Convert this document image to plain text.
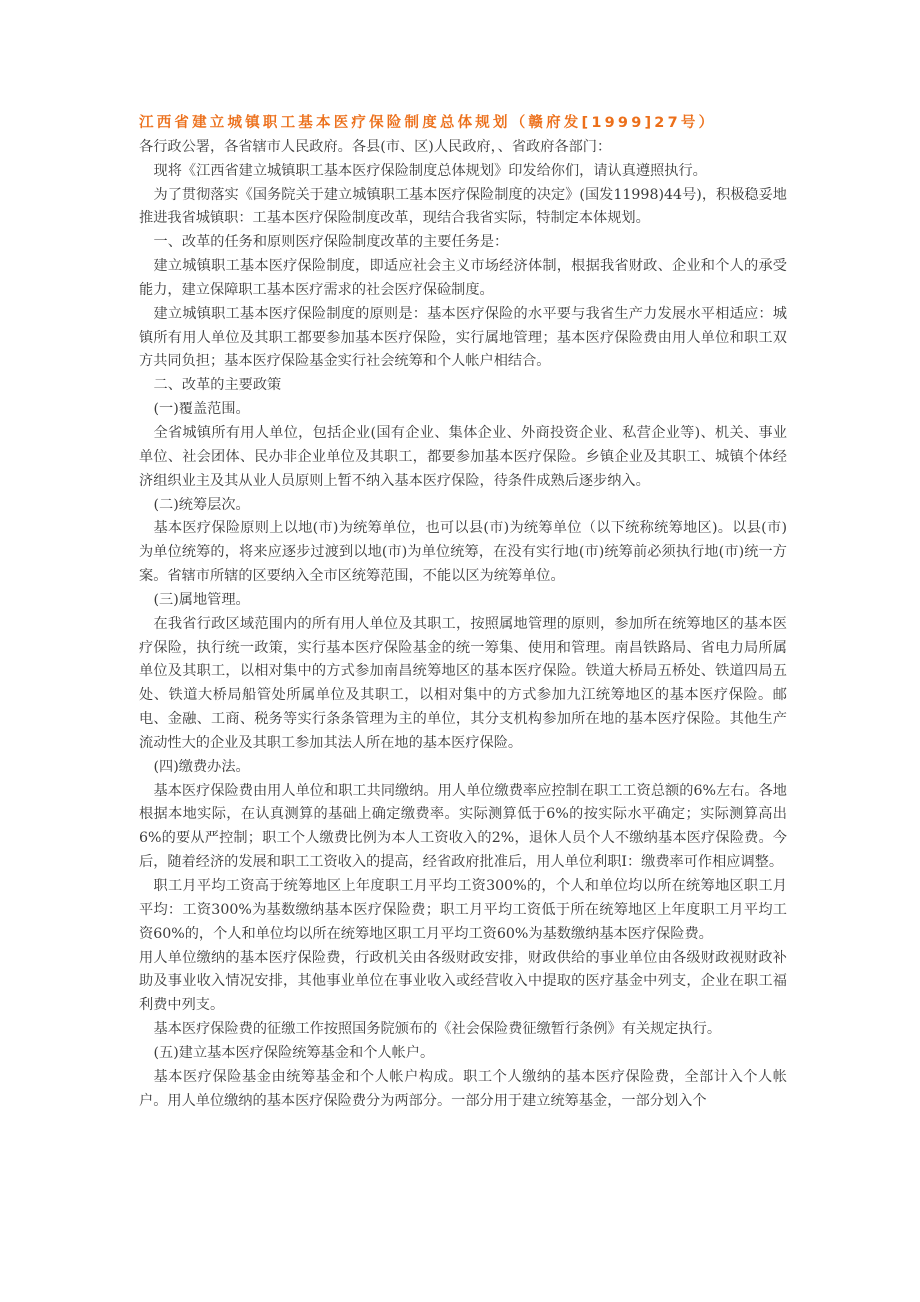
江西省建立城镇职工基本医疗保险制度总体规划（赣府发[1999]27号）

各行政公署，各省辖市人民政府。各县(市、区)人民政府，、省政府各部门：

现将《江西省建立城镇职工基本医疗保险制度总体规划》印发给你们，请认真遵照执行。

为了贯彻落实《国务院关于建立城镇职工基本医疗保险制度的决定》(国发11998)44号)，积极稳妥地推进我省城镇职：工基本医疗保险制度改革，现结合我省实际，特制定本体规划。

一、改革的任务和原则医疗保险制度改革的主要任务是：

建立城镇职工基本医疗保险制度，即适应社会主义市场经济体制，根据我省财政、企业和个人的承受能力，建立保障职工基本医疗需求的社会医疗保硷制度。

建立城镇职工基本医疗保险制度的原则是：基本医疗保险的水平要与我省生产力发展水平相适应：城镇所有用人单位及其职工都要参加基本医疗保险，实行属地管理；基本医疗保险费由用人单位和职工双方共同负担；基本医疗保险基金实行社会统筹和个人帐户相结合。

二、改革的主要政策

(一)覆盖范围。

全省城镇所有用人单位，包括企业(国有企业、集体企业、外商投资企业、私营企业等)、机关、事业单位、社会团体、民办非企业单位及其职工，都要参加基本医疗保险。乡镇企业及其职工、城镇个体经济组织业主及其从业人员原则上暂不纳入基本医疗保险，待条件成熟后逐步纳入。

(二)统筹层次。

基本医疗保险原则上以地(市)为统筹单位，也可以县(市)为统筹单位（以下统称统筹地区)。以县(市)为单位统筹的，将来应逐步过渡到以地(市)为单位统筹，在没有实行地(市)统筹前必须执行地(市)统一方案。省辖市所辖的区要纳入全市区统筹范围，不能以区为统筹单位。

(三)属地管理。

在我省行政区域范围内的所有用人单位及其职工，按照属地管理的原则，参加所在统筹地区的基本医疗保险，执行统一政策，实行基本医疗保险基金的统一筹集、使用和管理。南昌铁路局、省电力局所属单位及其职工，以相对集中的方式参加南昌统筹地区的基本医疗保险。铁道大桥局五桥处、铁道四局五处、铁道大桥局船管处所属单位及其职工，以相对集中的方式参加九江统筹地区的基本医疗保险。邮电、金融、工商、税务等实行条条管理为主的单位，其分支机构参加所在地的基本医疗保险。其他生产流动性大的企业及其职工参加其法人所在地的基本医疗保险。

(四)缴费办法。

基本医疗保险费由用人单位和职工共同缴纳。用人单位缴费率应控制在职工工资总额的6%左右。各地根据本地实际，在认真测算的基础上确定缴费率。实际测算低于6%的按实际水平确定；实际测算高出6%的要从严控制；职工个人缴费比例为本人工资收入的2%，退休人员个人不缴纳基本医疗保险费。今后，随着经济的发展和职工工资收入的提高，经省政府批准后，用人单位利职I：缴费率可作相应调整。

职工月平均工资高于统筹地区上年度职工月平均工资300%的，个人和单位均以所在统筹地区职工月平均：工资300%为基数缴纳基本医疗保险费；职工月平均工资低于所在统筹地区上年度职工月平均工资60%的，个人和单位均以所在统筹地区职工月平均工资60%为基数缴纳基本医疗保险费。

用人单位缴纳的基本医疗保险费，行政机关由各级财政安排，财政供给的事业单位由各级财政视财政补助及事业收入情况安排，其他事业单位在事业收入或经营收入中提取的医疗基金中列支，企业在职工福利费中列支。

基本医疗保险费的征缴工作按照国务院颁布的《社会保险费征缴暂行条例》有关规定执行。

(五)建立基本医疗保险统筹基金和个人帐户。

基本医疗保险基金由统筹基金和个人帐户构成。职工个人缴纳的基本医疗保险费，全部计入个人帐户。用人单位缴纳的基本医疗保险费分为两部分。一部分用于建立统筹基金，一部分划入个
